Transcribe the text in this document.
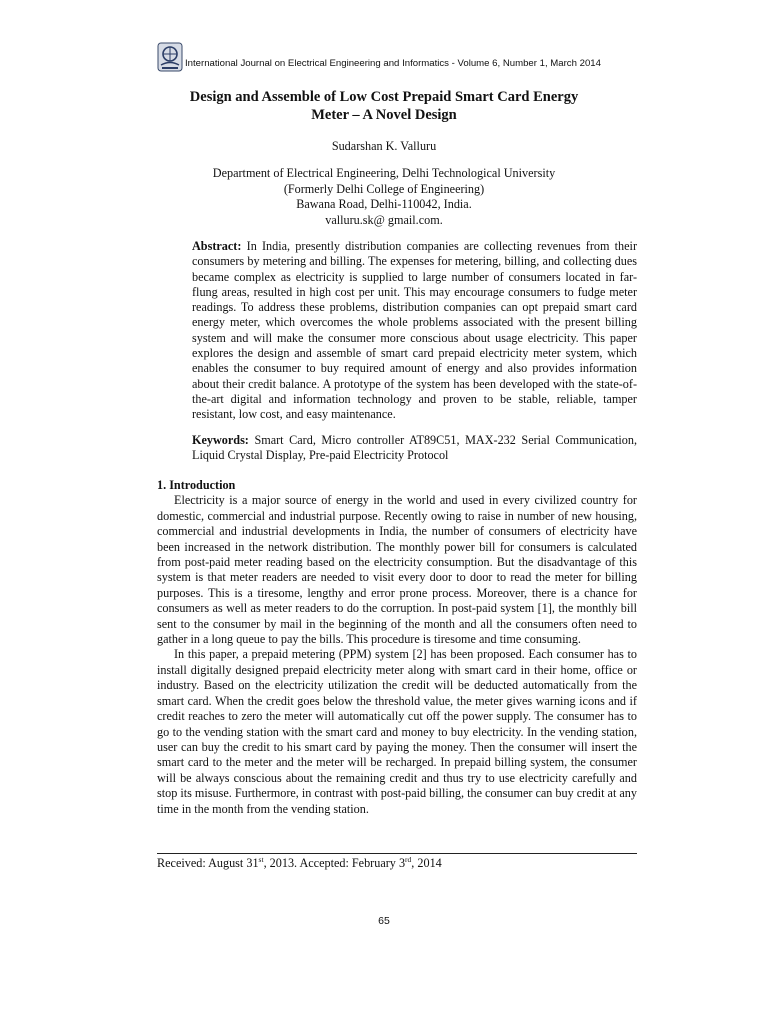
International Journal on Electrical Engineering and Informatics - Volume 6, Number 1, March 2014
Design and Assemble of Low Cost Prepaid Smart Card Energy
Meter – A Novel Design
Sudarshan K. Valluru
Department of Electrical Engineering, Delhi Technological University
(Formerly Delhi College of Engineering)
Bawana Road, Delhi-110042, India.
valluru.sk@ gmail.com.
Abstract: In India, presently distribution companies are collecting revenues from their consumers by metering and billing. The expenses for metering, billing, and collecting dues became complex as electricity is supplied to large number of consumers located in far-flung areas, resulted in high cost per unit. This may encourage consumers to fudge meter readings. To address these problems, distribution companies can opt prepaid smart card energy meter, which overcomes the whole problems associated with the present billing system and will make the consumer more conscious about usage electricity. This paper explores the design and assemble of smart card prepaid electricity meter system, which enables the consumer to buy required amount of energy and also provides information about their credit balance. A prototype of the system has been developed with the state-of-the-art digital and information technology and proven to be stable, reliable, tamper resistant, low cost, and easy maintenance.
Keywords: Smart Card, Micro controller AT89C51, MAX-232 Serial Communication, Liquid Crystal Display, Pre-paid Electricity Protocol
1. Introduction

Electricity is a major source of energy in the world and used in every civilized country for domestic, commercial and industrial purpose. Recently owing to raise in number of new housing, commercial and industrial developments in India, the number of consumers of electricity have been increased in the network distribution. The monthly power bill for consumers is calculated from post-paid meter reading based on the electricity consumption. But the disadvantage of this system is that meter readers are needed to visit every door to door to read the meter for billing purposes. This is a tiresome, lengthy and error prone process. Moreover, there is a chance for consumers as well as meter readers to do the corruption. In post-paid system [1], the monthly bill sent to the consumer by mail in the beginning of the month and all the consumers often need to gather in a long queue to pay the bills. This procedure is tiresome and time consuming.

In this paper, a prepaid metering (PPM) system [2] has been proposed. Each consumer has to install digitally designed prepaid electricity meter along with smart card in their home, office or industry. Based on the electricity utilization the credit will be deducted automatically from the smart card. When the credit goes below the threshold value, the meter gives warning icons and if credit reaches to zero the meter will automatically cut off the power supply. The consumer has to go to the vending station with the smart card and money to buy electricity. In the vending station, user can buy the credit to his smart card by paying the money. Then the consumer will insert the smart card to the meter and the meter will be recharged. In prepaid billing system, the consumer will be always conscious about the remaining credit and thus try to use electricity carefully and stop its misuse. Furthermore, in contrast with post-paid billing, the consumer can buy credit at any time in the month from the vending station.

Received: August 31st, 2013. Accepted: February 3rd, 2014
65
